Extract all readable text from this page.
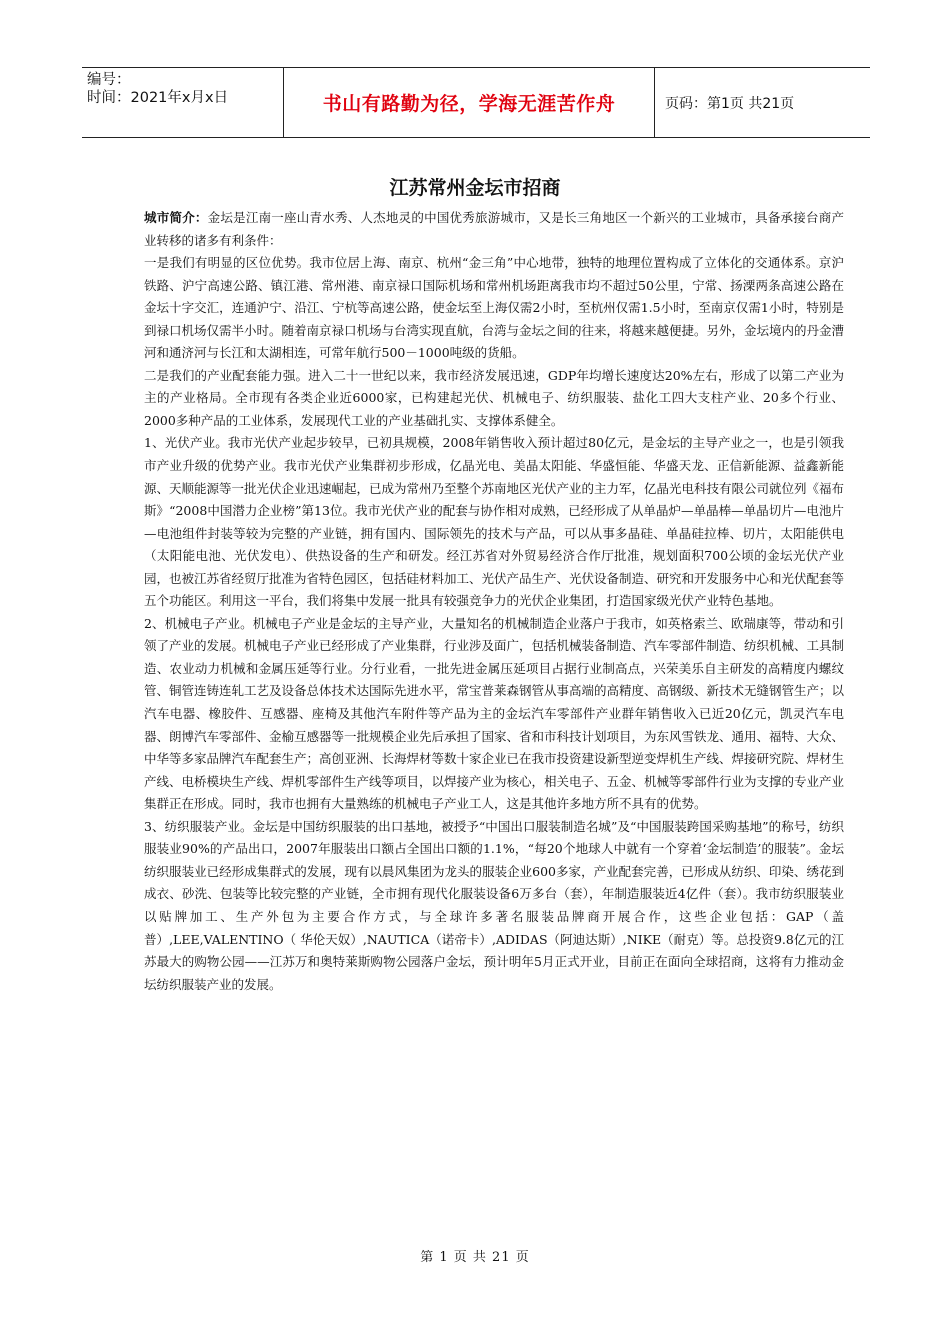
编号：
时间：2021年x月x日	书山有路勤为径，学海无涯苦作舟	页码：第1页 共21页
江苏常州金坛市招商

城市简介：金坛是江南一座山青水秀、人杰地灵的中国优秀旅游城市，又是长三角地区一个新兴的工业城市，具备承接台商产业转移的诸多有利条件：

一是我们有明显的区位优势。我市位居上海、南京、杭州“金三角”中心地带，独特的地理位置构成了立体化的交通体系。京沪铁路、沪宁高速公路、镇江港、常州港、南京禄口国际机场和常州机场距离我市均不超过50公里，宁常、扬溧两条高速公路在金坛十字交汇，连通沪宁、沿江、宁杭等高速公路，使金坛至上海仅需2小时，至杭州仅需1.5小时，至南京仅需1小时，特别是到禄口机场仅需半小时。随着南京禄口机场与台湾实现直航，台湾与金坛之间的往来，将越来越便捷。另外，金坛境内的丹金漕河和通济河与长江和太湖相连，可常年航行500－1000吨级的货船。

二是我们的产业配套能力强。进入二十一世纪以来，我市经济发展迅速，GDP年均增长速度达20%左右，形成了以第二产业为主的产业格局。全市现有各类企业近6000家，已构建起光伏、机械电子、纺织服装、盐化工四大支柱产业、20多个行业、2000多种产品的工业体系，发展现代工业的产业基础扎实、支撑体系健全。

1、光伏产业。我市光伏产业起步较早，已初具规模，2008年销售收入预计超过80亿元，是金坛的主导产业之一，也是引领我市产业升级的优势产业。我市光伏产业集群初步形成，亿晶光电、美晶太阳能、华盛恒能、华盛天龙、正信新能源、益鑫新能源、天顺能源等一批光伏企业迅速崛起，已成为常州乃至整个苏南地区光伏产业的主力军，亿晶光电科技有限公司就位列《福布斯》“2008中国潜力企业榜”第13位。我市光伏产业的配套与协作相对成熟，已经形成了从单晶炉—单晶棒—单晶切片—电池片—电池组件封装等较为完整的产业链，拥有国内、国际领先的技术与产品，可以从事多晶硅、单晶硅拉棒、切片，太阳能供电（太阳能电池、光伏发电）、供热设备的生产和研发。经江苏省对外贸易经济合作厅批准，规划面积700公顷的金坛光伏产业园，也被江苏省经贸厅批准为省特色园区，包括硅材料加工、光伏产品生产、光伏设备制造、研究和开发服务中心和光伏配套等五个功能区。利用这一平台，我们将集中发展一批具有较强竞争力的光伏企业集团，打造国家级光伏产业特色基地。

2、机械电子产业。机械电子产业是金坛的主导产业，大量知名的机械制造企业落户于我市，如英格索兰、欧瑞康等，带动和引领了产业的发展。机械电子产业已经形成了产业集群，行业涉及面广，包括机械装备制造、汽车零部件制造、纺织机械、工具制造、农业动力机械和金属压延等行业。分行业看，一批先进金属压延项目占据行业制高点，兴荣美乐自主研发的高精度内螺纹管、铜管连铸连轧工艺及设备总体技术达国际先进水平，常宝普莱森钢管从事高端的高精度、高钢级、新技术无缝钢管生产；以汽车电器、橡胶件、互感器、座椅及其他汽车附件等产品为主的金坛汽车零部件产业群年销售收入已近20亿元，凯灵汽车电器、朗博汽车零部件、金榆互感器等一批规模企业先后承担了国家、省和市科技计划项目，为东风雪铁龙、通用、福特、大众、中华等多家品牌汽车配套生产；高创亚洲、长海焊材等数十家企业已在我市投资建设新型逆变焊机生产线、焊接研究院、焊材生产线、电桥模块生产线、焊机零部件生产线等项目，以焊接产业为核心，相关电子、五金、机械等零部件行业为支撑的专业产业集群正在形成。同时，我市也拥有大量熟练的机械电子产业工人，这是其他许多地方所不具有的优势。

3、纺织服装产业。金坛是中国纺织服装的出口基地，被授予“中国出口服装制造名城”及“中国服装跨国采购基地”的称号，纺织服装业90%的产品出口，2007年服装出口额占全国出口额的1.1%，“每20个地球人中就有一个穿着‘金坛制造’的服装”。金坛纺织服装业已经形成集群式的发展，现有以晨风集团为龙头的服装企业600多家，产业配套完善，已形成从纺织、印染、绣花到成衣、砂洗、包装等比较完整的产业链，全市拥有现代化服装设备6万多台（套），年制造服装近4亿件（套）。我市纺织服装业以贴牌加工、生产外包为主要合作方式，与全球许多著名服装品牌商开展合作，这些企业包括：GAP（盖普）,LEE,VALENTINO（ 华伦天奴）,NAUTICA（诺帝卡）,ADIDAS（阿迪达斯）,NIKE（耐克）等。总投资9.8亿元的江苏最大的购物公园——江苏万和奥特莱斯购物公园落户金坛，预计明年5月正式开业，目前正在面向全球招商，这将有力推动金坛纺织服装产业的发展。

第 1 页 共 21 页
